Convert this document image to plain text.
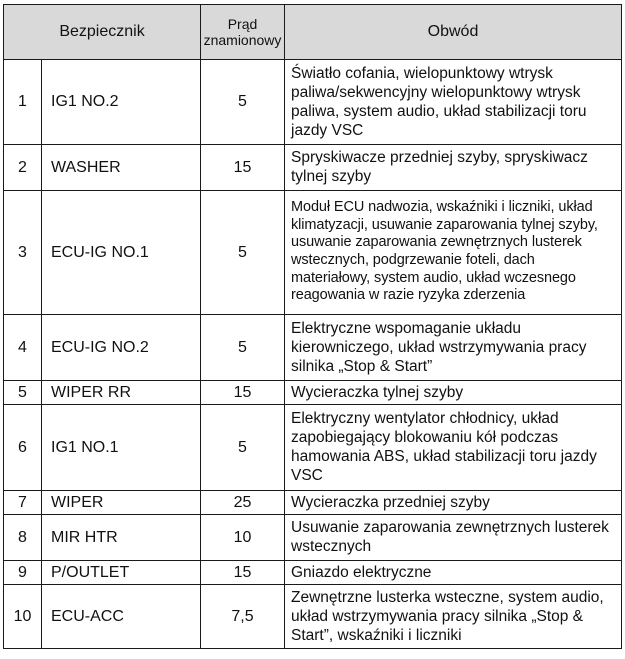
Bezpiecznik		Prąd znamionowy	Obwód
1	IG1 NO.2	5	Światło cofania, wielopunktowy wtrysk paliwa/sekwencyjny wielopunktowy wtrysk paliwa, system audio, układ stabilizacji toru jazdy VSC
2	WASHER	15	Spryskiwacze przedniej szyby, spryskiwacz tylnej szyby
3	ECU-IG NO.1	5	Moduł ECU nadwozia, wskaźniki i liczniki, układ klimatyzacji, usuwanie zaparowania tylnej szyby, usuwanie zaparowania zewnętrznych lusterek wstecznych, podgrzewanie foteli, dach materiałowy, system audio, układ wczesnego reagowania w razie ryzyka zderzenia
4	ECU-IG NO.2	5	Elektryczne wspomaganie układu kierowniczego, układ wstrzymywania pracy silnika „Stop & Start”
5	WIPER RR	15	Wycieraczka tylnej szyby
6	IG1 NO.1	5	Elektryczny wentylator chłodnicy, układ zapobiegający blokowaniu kół podczas hamowania ABS, układ stabilizacji toru jazdy VSC
7	WIPER	25	Wycieraczka przedniej szyby
8	MIR HTR	10	Usuwanie zaparowania zewnętrznych lusterek wstecznych
9	P/OUTLET	15	Gniazdo elektryczne
10	ECU-ACC	7,5	Zewnętrzne lusterka wsteczne, system audio, układ wstrzymywania pracy silnika „Stop & Start”, wskaźniki i liczniki
